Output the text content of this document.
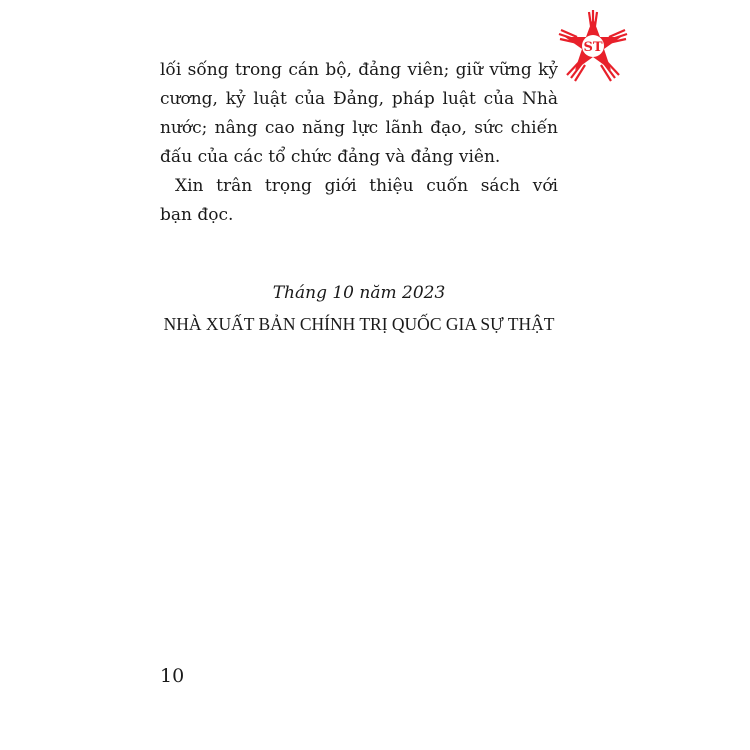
ST
lối sống trong cán bộ, đảng viên; giữ vững kỷ
cương, kỷ luật của Đảng, pháp luật của Nhà
nước; nâng cao năng lực lãnh đạo, sức chiến
đấu của các tổ chức đảng và đảng viên.
Xin trân trọng giới thiệu cuốn sách với
bạn đọc.
Tháng 10 năm 2023
NHÀ XUẤT BẢN CHÍNH TRỊ QUỐC GIA SỰ THẬT
10
